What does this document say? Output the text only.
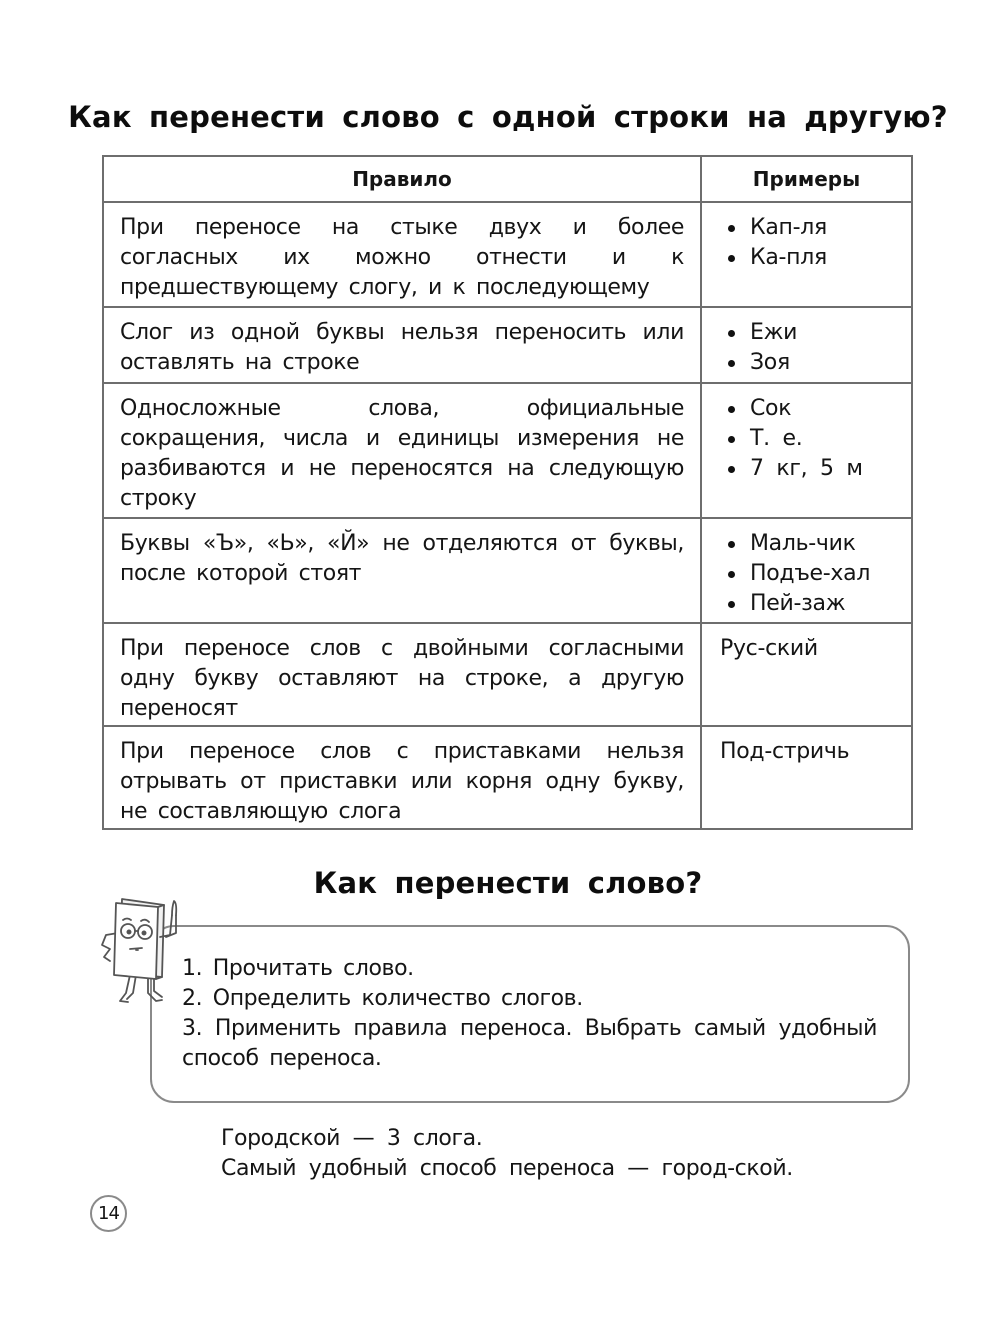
Как перенести слово с одной строки на другую?
Правило	Примеры
При переносе на стыке двух и более согласных их можно отнести и к предшествующему слогу, и к последующему	
Кап-ля
Ка-пля

Слог из одной буквы нельзя переносить или оставлять на строке	
Ежи
Зоя

Односложные слова, официальные сокращения, числа и единицы измерения не разбиваются и не переносятся на следующую строку	
Сок
Т. е.
7 кг, 5 м

Буквы «Ъ», «Ь», «Й» не отделяются от буквы, после которой стоят	
Маль-чик
Подъе-хал
Пей-заж

При переносе слов с двойными согласными одну букву оставляют на строке, а другую переносят	Рус-ский

При переносе слов с приставками нельзя отрывать от приставки или корня одну букву, не составляющую слога	Под-стричь
Как перенести слово?
1. Прочитать слово.
2. Определить количество слогов.
3. Применить правила переноса. Выбрать самый удобный способ переноса.
Городской — 3 слога.
Самый удобный способ переноса — город-ской.
14
